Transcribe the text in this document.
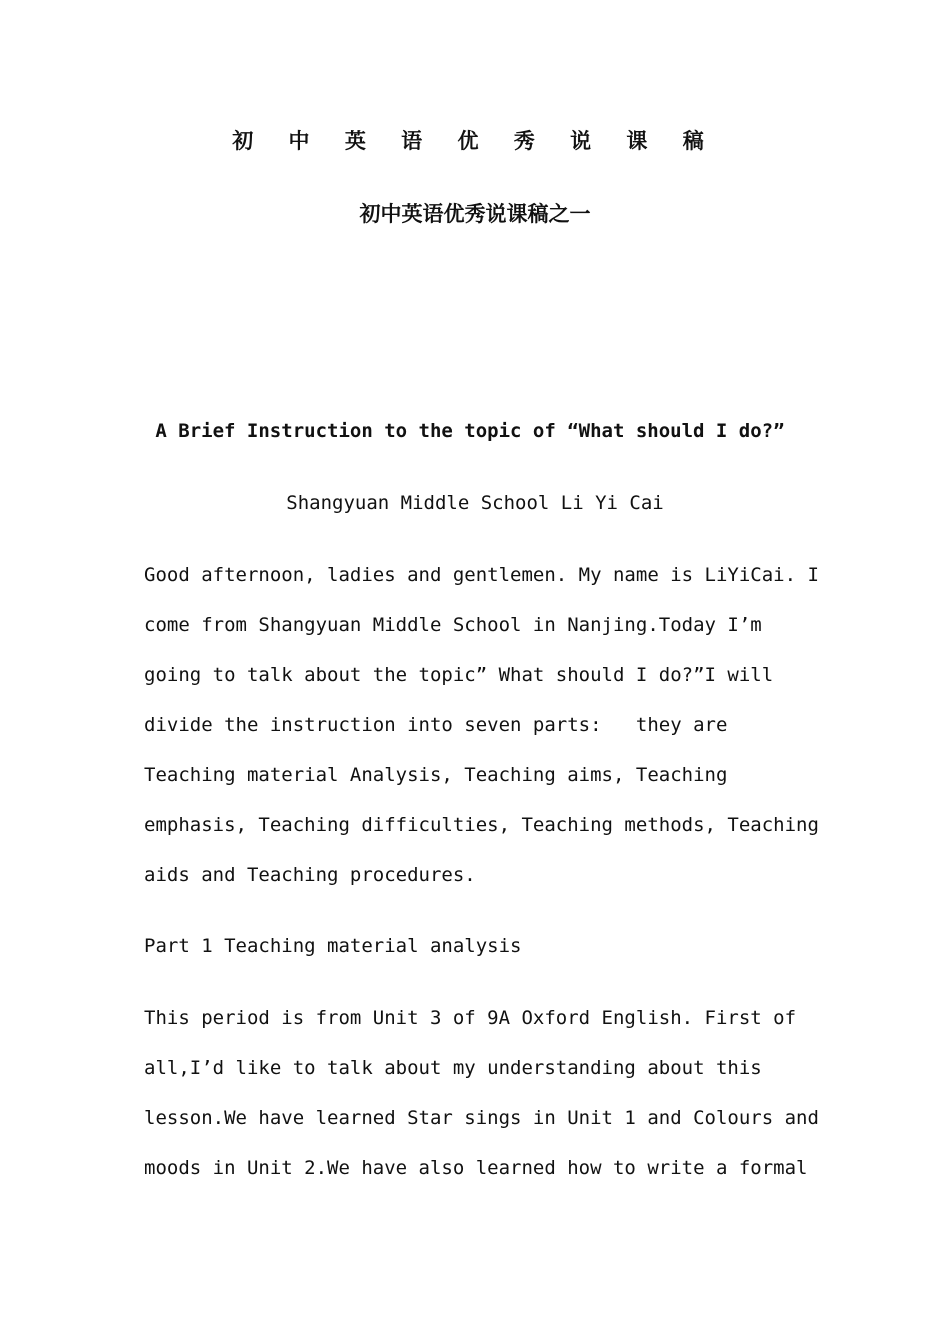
初 中 英 语 优 秀 说 课 稿
初中英语优秀说课稿之一
A Brief Instruction to the topic of “What should I do?”
Shangyuan Middle School Li Yi Cai
Good afternoon, ladies and gentlemen. My name is LiYiCai. I
come from Shangyuan Middle School in Nanjing.Today I’m
going to talk about the topic” What should I do?”I will
divide the instruction into seven parts:   they are
Teaching material Analysis, Teaching aims, Teaching
emphasis, Teaching difficulties, Teaching methods, Teaching
aids and Teaching procedures.
Part 1 Teaching material analysis
This period is from Unit 3 of 9A Oxford English. First of
all,I’d like to talk about my understanding about this
lesson.We have learned Star sings in Unit 1 and Colours and
moods in Unit 2.We have also learned how to write a formal
